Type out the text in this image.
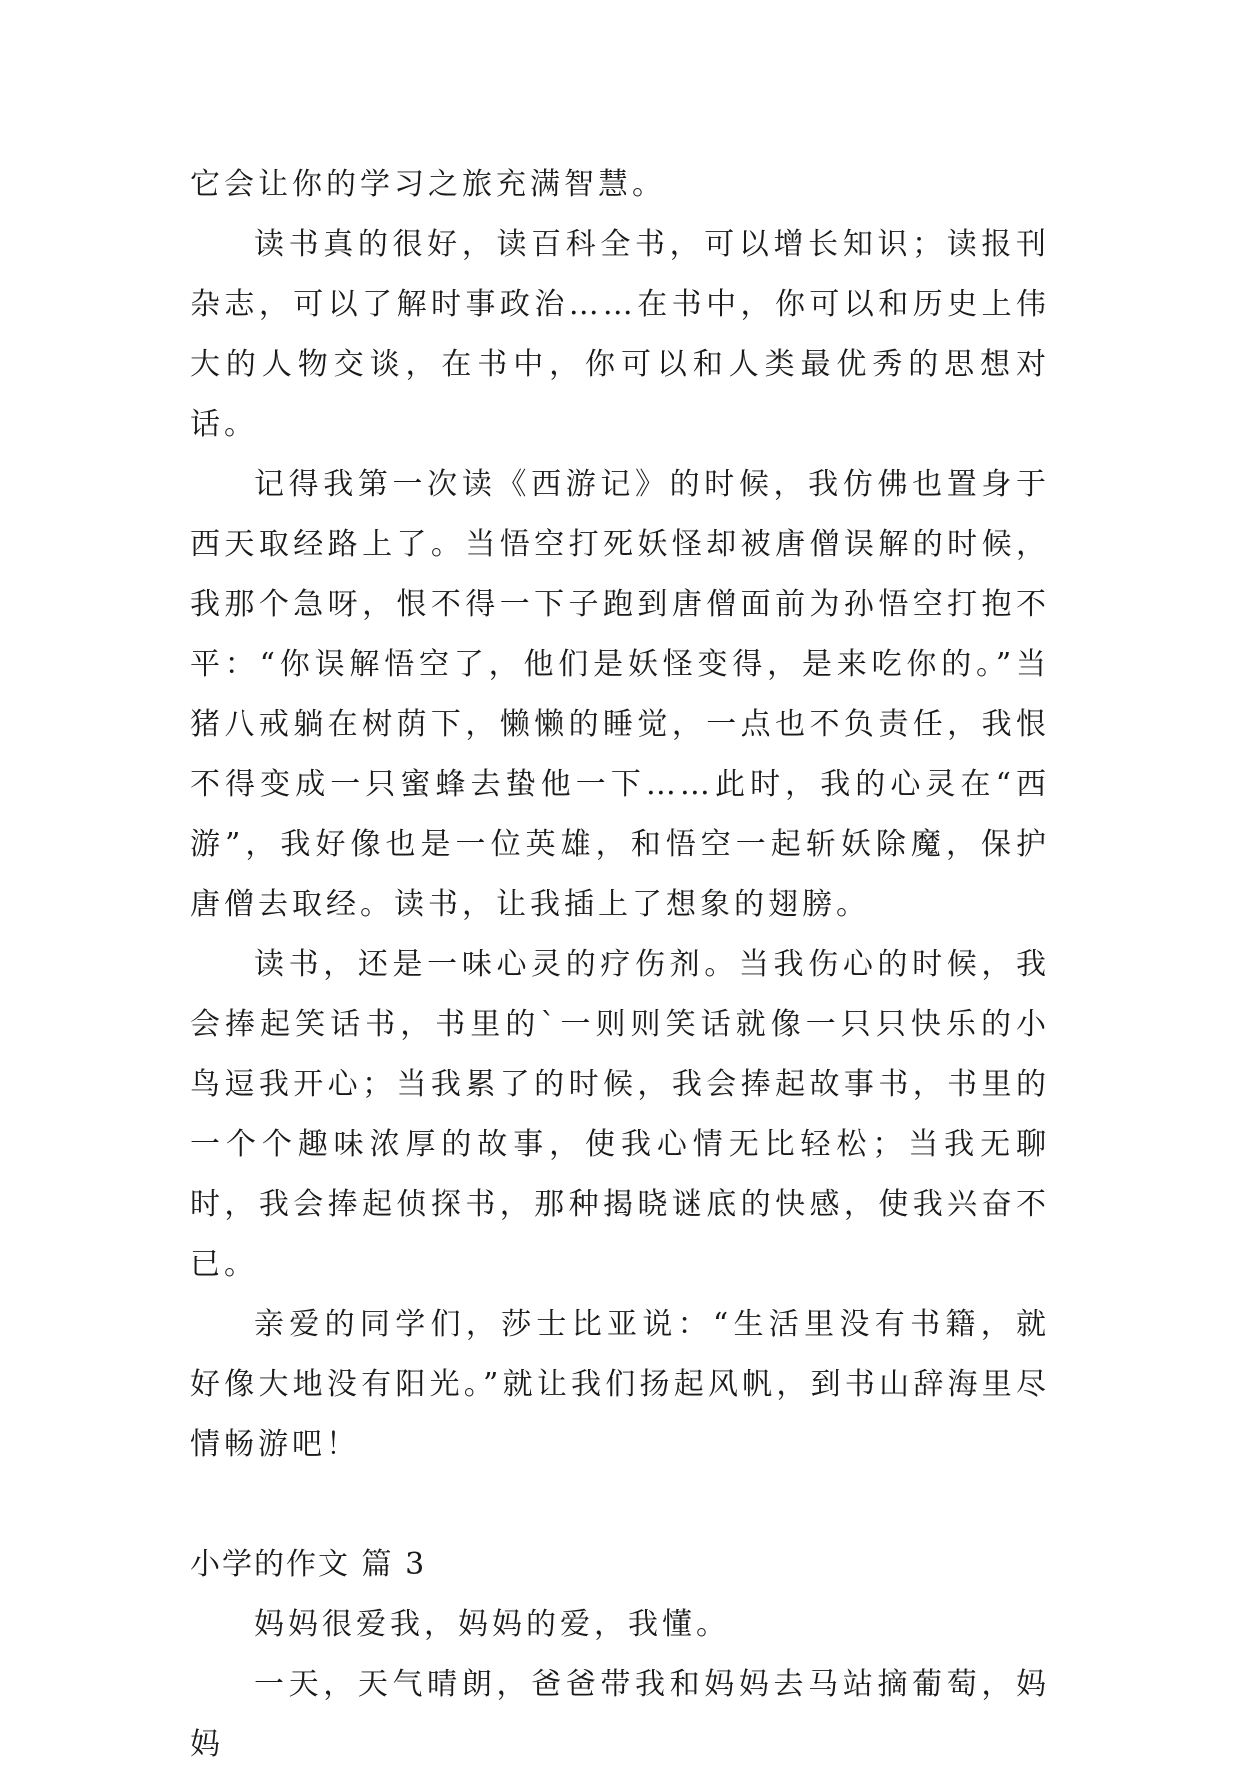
它会让你的学习之旅充满智慧。

读书真的很好，读百科全书，可以增长知识；读报刊杂志，可以了解时事政治……在书中，你可以和历史上伟大的人物交谈，在书中，你可以和人类最优秀的思想对话。

记得我第一次读《西游记》的时候，我仿佛也置身于西天取经路上了。当悟空打死妖怪却被唐僧误解的时候，我那个急呀，恨不得一下子跑到唐僧面前为孙悟空打抱不平：“你误解悟空了，他们是妖怪变得，是来吃你的。”当猪八戒躺在树荫下，懒懒的睡觉，一点也不负责任，我恨不得变成一只蜜蜂去蛰他一下……此时，我的心灵在“西游”，我好像也是一位英雄，和悟空一起斩妖除魔，保护唐僧去取经。读书，让我插上了想象的翅膀。

读书，还是一味心灵的疗伤剂。当我伤心的时候，我会捧起笑话书，书里的`一则则笑话就像一只只快乐的小鸟逗我开心；当我累了的时候，我会捧起故事书，书里的一个个趣味浓厚的故事，使我心情无比轻松；当我无聊时，我会捧起侦探书，那种揭晓谜底的快感，使我兴奋不已。

亲爱的同学们，莎士比亚说：“生活里没有书籍，就好像大地没有阳光。”就让我们扬起风帆，到书山辞海里尽情畅游吧！

小学的作文 篇 3

妈妈很爱我，妈妈的爱，我懂。

一天，天气晴朗，爸爸带我和妈妈去马站摘葡萄，妈妈
